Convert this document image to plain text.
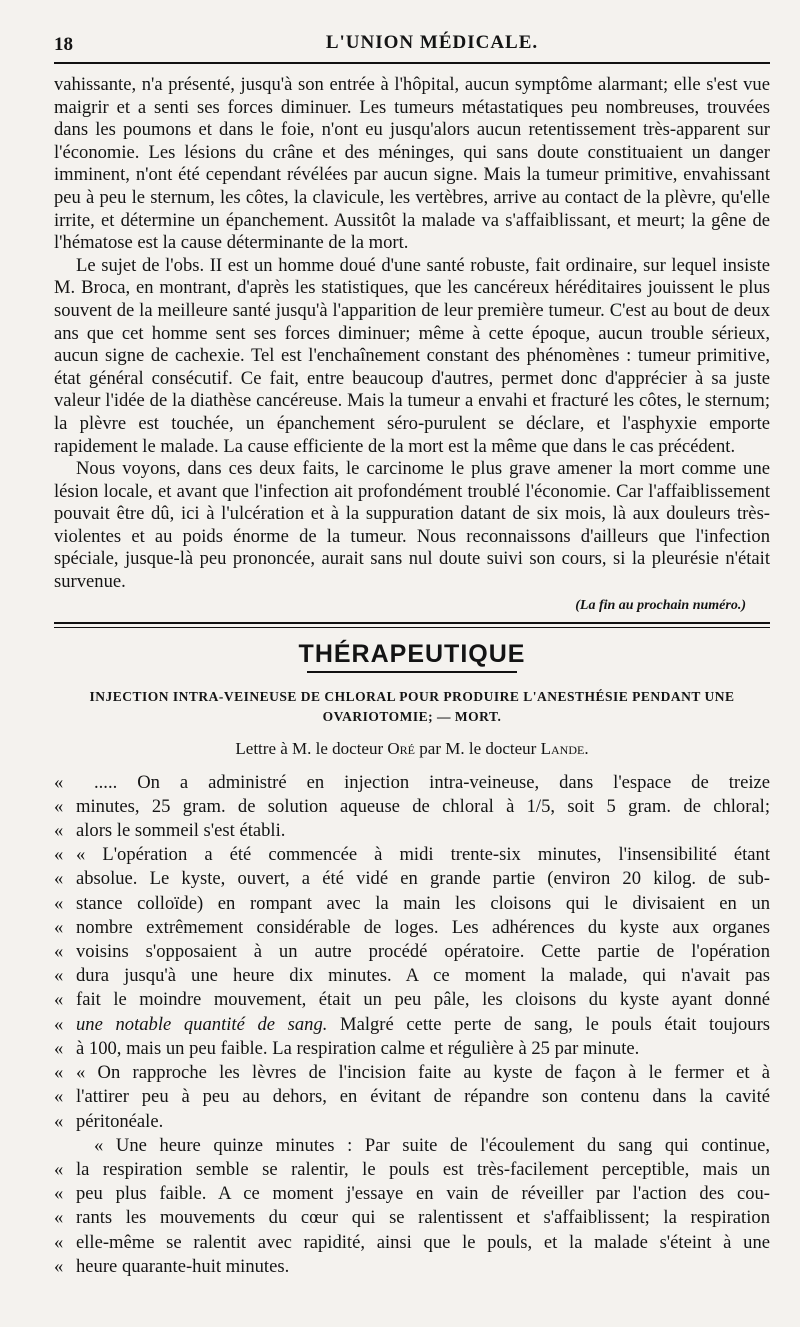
18	L'UNION MÉDICALE.

vahissante, n'a présenté, jusqu'à son entrée à l'hôpital, aucun symptôme alarmant; elle s'est vue maigrir et a senti ses forces diminuer. Les tumeurs métastatiques peu nombreuses, trouvées dans les poumons et dans le foie, n'ont eu jusqu'alors aucun retentissement très-apparent sur l'économie. Les lésions du crâne et des méninges, qui sans doute constituaient un danger imminent, n'ont été cependant révélées par aucun signe. Mais la tumeur primitive, envahissant peu à peu le sternum, les côtes, la clavicule, les vertèbres, arrive au contact de la plèvre, qu'elle irrite, et détermine un épanchement. Aussitôt la malade va s'affaiblissant, et meurt; la gêne de l'hématose est la cause déterminante de la mort.

Le sujet de l'obs. II est un homme doué d'une santé robuste, fait ordinaire, sur lequel insiste M. Broca, en montrant, d'après les statistiques, que les cancéreux héréditaires jouissent le plus souvent de la meilleure santé jusqu'à l'apparition de leur première tumeur. C'est au bout de deux ans que cet homme sent ses forces diminuer; même à cette époque, aucun trouble sérieux, aucun signe de cachexie. Tel est l'enchaînement constant des phénomènes : tumeur primitive, état général consécutif. Ce fait, entre beaucoup d'autres, permet donc d'apprécier à sa juste valeur l'idée de la diathèse cancéreuse. Mais la tumeur a envahi et fracturé les côtes, le sternum; la plèvre est touchée, un épanchement séro-purulent se déclare, et l'asphyxie emporte rapidement le malade. La cause efficiente de la mort est la même que dans le cas précédent.

Nous voyons, dans ces deux faits, le carcinome le plus grave amener la mort comme une lésion locale, et avant que l'infection ait profondément troublé l'économie. Car l'affaiblissement pouvait être dû, ici à l'ulcération et à la suppuration datant de six mois, là aux douleurs très-violentes et au poids énorme de la tumeur. Nous reconnaissons d'ailleurs que l'infection spéciale, jusque-là peu prononcée, aurait sans nul doute suivi son cours, si la pleurésie n'était survenue.

(La fin au prochain numéro.)
THÉRAPEUTIQUE
INJECTION INTRA-VEINEUSE DE CHLORAL POUR PRODUIRE L'ANESTHÉSIE PENDANT UNE OVARIOTOMIE; — MORT.
Lettre à M. le docteur Oré par M. le docteur Lande.
«	..... On a administré en injection intra-veineuse, dans l'espace de treize
« minutes, 25 gram. de solution aqueuse de chloral à 1/5, soit 5 gram. de chloral;
« alors le sommeil s'est établi.
« « L'opération a été commencée à midi trente-six minutes, l'insensibilité étant
« absolue. Le kyste, ouvert, a été vidé en grande partie (environ 20 kilog. de sub-
« stance colloïde) en rompant avec la main les cloisons qui le divisaient en un
« nombre extrêmement considérable de loges. Les adhérences du kyste aux organes
« voisins s'opposaient à un autre procédé opératoire. Cette partie de l'opération
« dura jusqu'à une heure dix minutes. A ce moment la malade, qui n'avait pas
« fait le moindre mouvement, était un peu pâle, les cloisons du kyste ayant donné
« une notable quantité de sang. Malgré cette perte de sang, le pouls était toujours
« à 100, mais un peu faible. La respiration calme et régulière à 25 par minute.
« « On rapproche les lèvres de l'incision faite au kyste de façon à le fermer et à
« l'attirer peu à peu au dehors, en évitant de répandre son contenu dans la cavité
« péritonéale.
« Une heure quinze minutes : Par suite de l'écoulement du sang qui continue,
« la respiration semble se ralentir, le pouls est très-facilement perceptible, mais un
« peu plus faible. A ce moment j'essaye en vain de réveiller par l'action des cou-
« rants les mouvements du cœur qui se ralentissent et s'affaiblissent; la respiration
« elle-même se ralentit avec rapidité, ainsi que le pouls, et la malade s'éteint à une
« heure quarante-huit minutes.
